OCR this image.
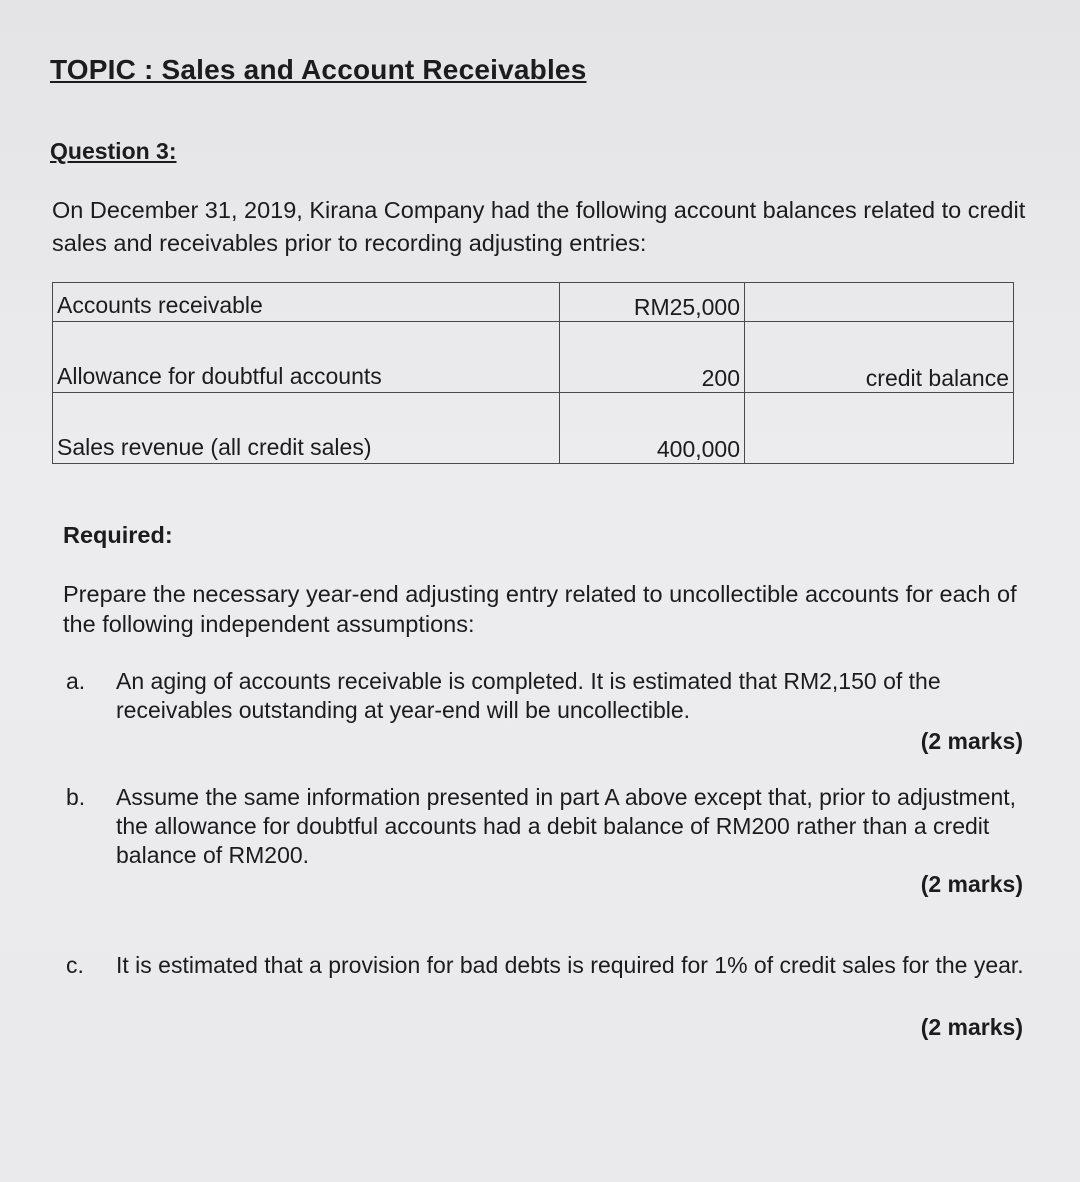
TOPIC : Sales and Account Receivables
Question 3:
On December 31, 2019, Kirana Company had the following account balances related to credit sales and receivables prior to recording adjusting entries:
Accounts receivable	RM25,000	
Allowance for doubtful accounts	200	credit balance
Sales revenue (all credit sales)	400,000	
Required:
Prepare the necessary year-end adjusting entry related to uncollectible accounts for each of the following independent assumptions:
a.	An aging of accounts receivable is completed. It is estimated that RM2,150 of the receivables outstanding at year-end will be uncollectible.
(2 marks)
b.	Assume the same information presented in part A above except that, prior to adjustment, the allowance for doubtful accounts had a debit balance of RM200 rather than a credit balance of RM200.
(2 marks)
c.	It is estimated that a provision for bad debts is required for 1% of credit sales for the year.
(2 marks)
